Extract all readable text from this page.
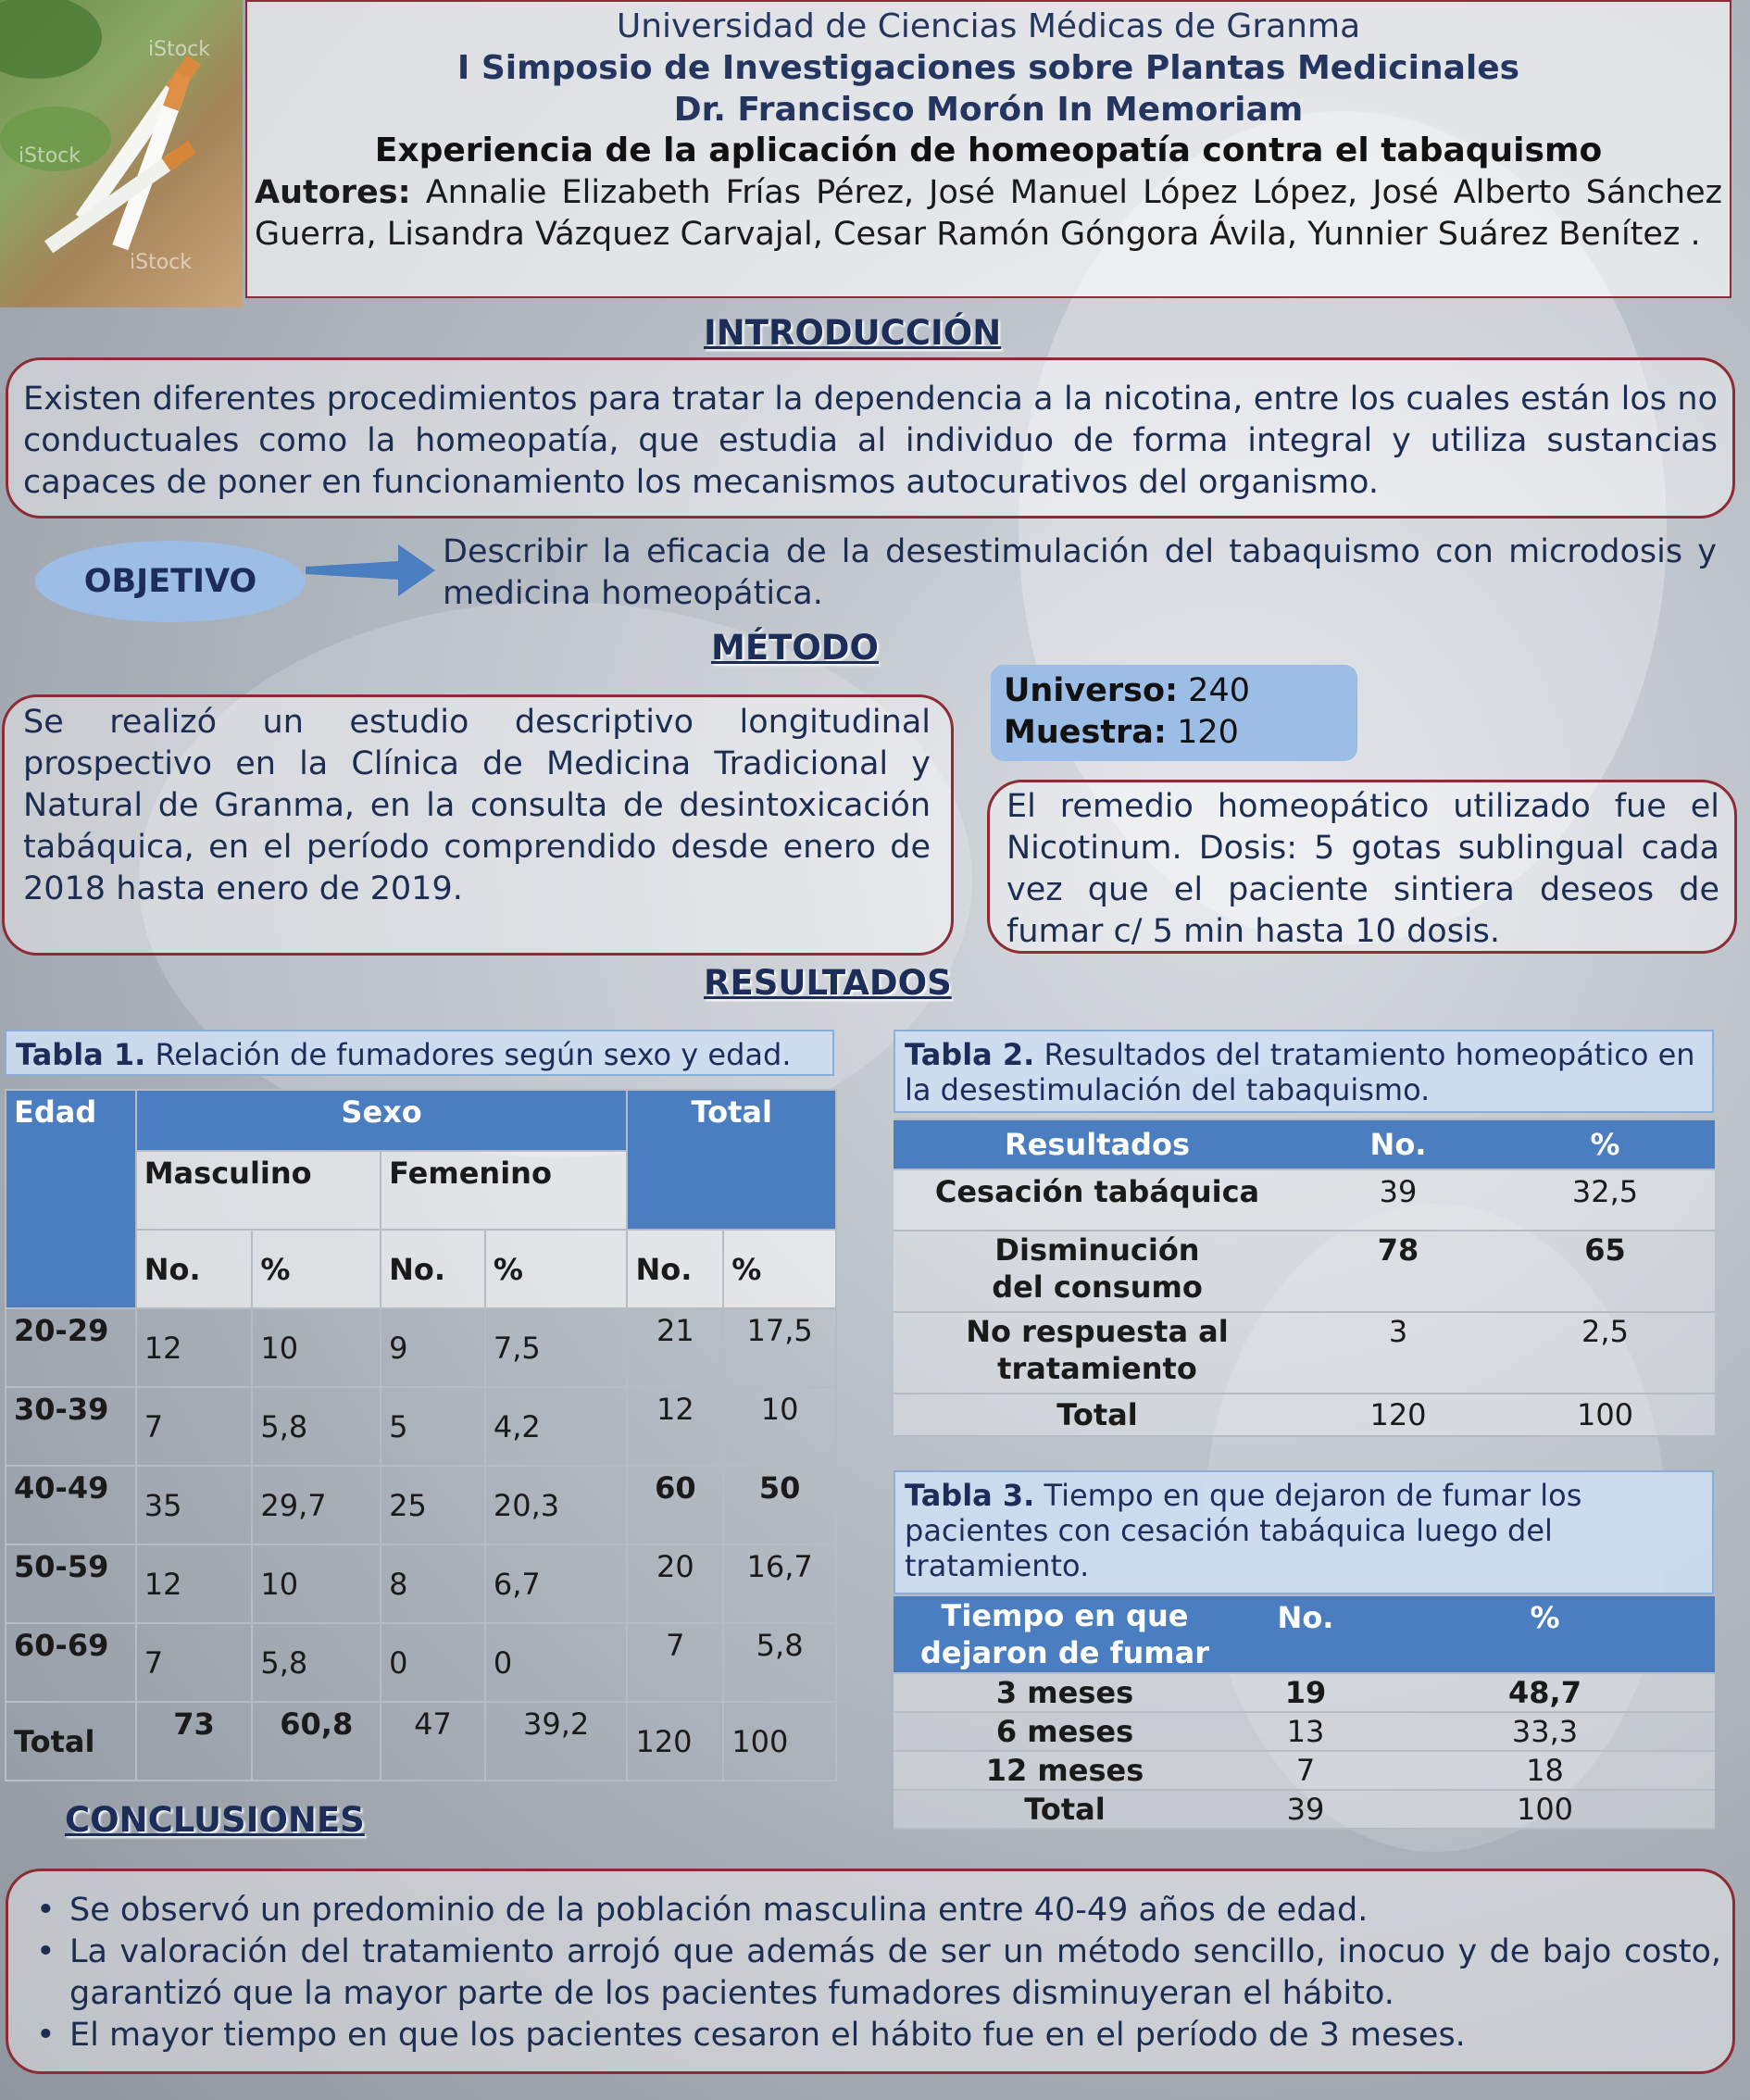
iStock
iStock
iStock
Universidad de Ciencias Médicas de Granma
I Simposio de Investigaciones sobre Plantas Medicinales
Dr. Francisco Morón In Memoriam
Experiencia de la aplicación de homeopatía contra el tabaquismo
Autores: Annalie Elizabeth Frías Pérez, José Manuel López López, José Alberto Sánchez Guerra, Lisandra Vázquez Carvajal, Cesar Ramón Góngora Ávila, Yunnier Suárez Benítez .
INTRODUCCIÓN
Existen diferentes procedimientos para tratar la dependencia a la nicotina, entre los cuales están los no conductuales como la homeopatía, que estudia al individuo de forma integral y utiliza sustancias capaces de poner en funcionamiento los mecanismos autocurativos del organismo.
OBJETIVO
Describir la eficacia de la desestimulación del tabaquismo con microdosis y medicina homeopática.
MÉTODO
Se realizó un estudio descriptivo longitudinal prospectivo en la Clínica de Medicina Tradicional y Natural de Granma, en la consulta de desintoxicación tabáquica, en el período comprendido desde enero de 2018 hasta enero de 2019.
Universo: 240
Muestra: 120
El remedio homeopático utilizado fue el Nicotinum. Dosis: 5 gotas sublingual cada vez que el paciente sintiera deseos de fumar c/ 5 min hasta 10 dosis.
RESULTADOS
Tabla 1. Relación de fumadores según sexo y edad.
Edad	Sexo				Total	
	Masculino		Femenino			
	No.	%	No.	%	No.	%
20-29	12	10	9	7,5	21	17,5
30-39	7	5,8	5	4,2	12	10
40-49	35	29,7	25	20,3	60	50
50-59	12	10	8	6,7	20	16,7
60-69	7	5,8	0	0	7	5,8
Total	73	60,8	47	39,2	120	100
Tabla 2. Resultados del tratamiento homeopático en la desestimulación del tabaquismo.
Resultados	No.	%
Cesación tabáquica	39	32,5
Disminución del consumo	78	65
No respuesta al tratamiento	3	2,5
Total	120	100
Tabla 3. Tiempo en que dejaron de fumar los pacientes con cesación tabáquica luego del tratamiento.
Tiempo en que dejaron de fumar	No.	%
3 meses	19	48,7
6 meses	13	33,3
12 meses	7	18
Total	39	100
CONCLUSIONES
• Se observó un predominio de la población masculina entre 40-49 años de edad.
• La valoración del tratamiento arrojó que además de ser un método sencillo, inocuo y de bajo costo, garantizó que la mayor parte de los pacientes fumadores disminuyeran el hábito.
• El mayor tiempo en que los pacientes cesaron el hábito fue en el período de 3 meses.
